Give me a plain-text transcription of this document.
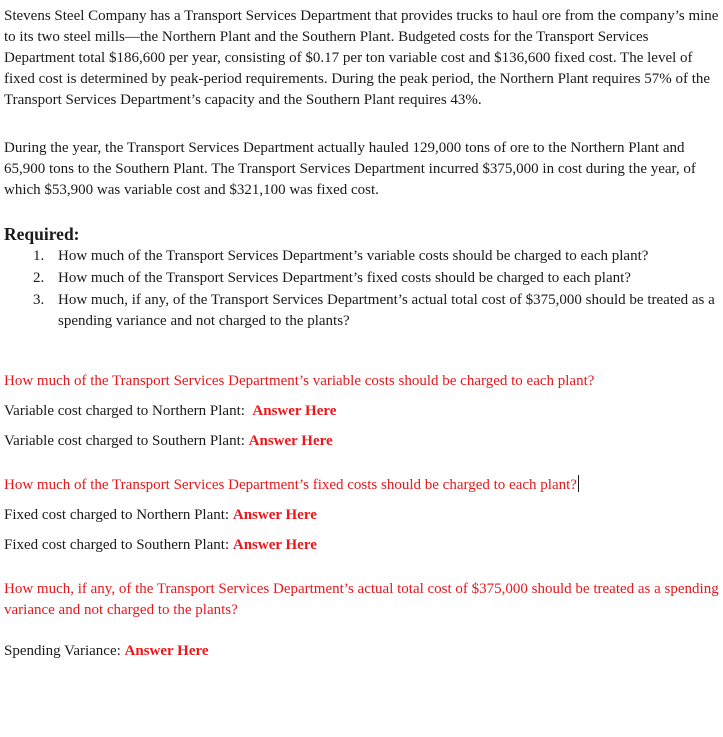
Stevens Steel Company has a Transport Services Department that provides trucks to haul ore from the company’s mine to its two steel mills—the Northern Plant and the Southern Plant. Budgeted costs for the Transport Services Department total $186,600 per year, consisting of $0.17 per ton variable cost and $136,600 fixed cost. The level of fixed cost is determined by peak-period requirements. During the peak period, the Northern Plant requires 57% of the Transport Services Department’s capacity and the Southern Plant requires 43%.

During the year, the Transport Services Department actually hauled 129,000 tons of ore to the Northern Plant and 65,900 tons to the Southern Plant. The Transport Services Department incurred $375,000 in cost during the year, of which $53,900 was variable cost and $321,100 was fixed cost.

Required:
1. How much of the Transport Services Department’s variable costs should be charged to each plant?
2. How much of the Transport Services Department’s fixed costs should be charged to each plant?
3. How much, if any, of the Transport Services Department’s actual total cost of $375,000 should be treated as a spending variance and not charged to the plants?

How much of the Transport Services Department’s variable costs should be charged to each plant?

Variable cost charged to Northern Plant:  Answer Here
Variable cost charged to Southern Plant: Answer Here

How much of the Transport Services Department’s fixed costs should be charged to each plant?

Fixed cost charged to Northern Plant: Answer Here
Fixed cost charged to Southern Plant: Answer Here

How much, if any, of the Transport Services Department’s actual total cost of $375,000 should be treated as a spending variance and not charged to the plants?

Spending Variance: Answer Here
